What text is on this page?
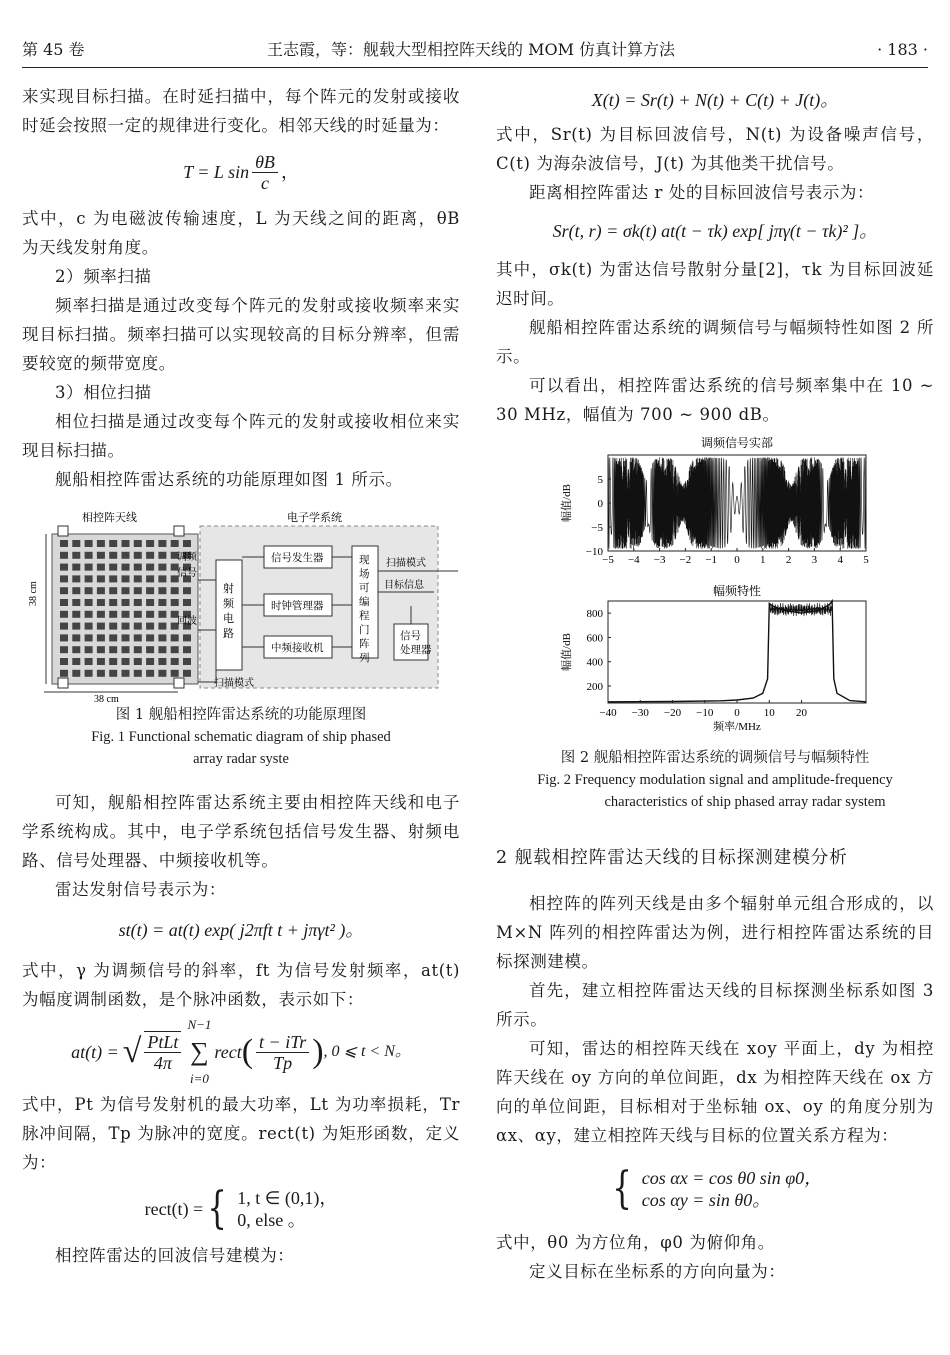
第 45 卷	王志霞，等：舰载大型相控阵天线的 MOM 仿真计算方法	· 183 ·

来实现目标扫描。在时延扫描中，每个阵元的发射或接收时延会按照一定的规律进行变化。相邻天线的时延量为：

T = L $\sin \frac{\theta B}{c}$ ，

式中，c 为电磁波传输速度，L 为天线之间的距离，θB 为天线发射角度。

2）频率扫描

频率扫描是通过改变每个阵元的发射或接收频率来实现目标扫描。频率扫描可以实现较高的目标分辨率，但需要较宽的频带宽度。

3）相位扫描

相位扫描是通过改变每个阵元的发射或接收相位来实现目标扫描。

舰船相控阵雷达系统的功能原理如图 1 所示。

相控阵天线	电子学系统
38 cm
38 cm
射频电路
信号发生器
时钟管理器
中频接收机
现场可编程门阵列
信号处理器
调频
信号
回波
扫描模式
目标信息
扫描模式

图 1 舰船相控阵雷达系统的功能原理图

Fig. 1 Functional schematic diagram of ship phased

array radar syste

可知，舰船相控阵雷达系统主要由相控阵天线和电子学系统构成。其中，电子学系统包括信号发生器、射频电路、信号处理器、中频接收机等。

雷达发射信号表示为：

st(t) = at(t) exp( j2πft t + jπγt² )。

式中，γ 为调频信号的斜率，ft 为信号发射频率，at(t) 为幅度调制函数，是个脉冲函数，表示如下：

at(t) = √ $\frac{\text{PtLt}}{4\pi}$
N−1
∑
i=0
rect ( $\frac{\text{t − iTr}}{Tp}$ ) , 0 ⩽ t < N。

式中，Pt 为信号发射机的最大功率，Lt 为功率损耗，Tr 脉冲间隔，Tp 为脉冲的宽度。rect(t) 为矩形函数，定义为：

rect(t) = { 1, t ∈ (0,1)，
0, else 。

相控阵雷达的回波信号建模为：

X(t) = Sr(t) + N(t) + C(t) + J(t)。

式中，Sr(t) 为目标回波信号，N(t) 为设备噪声信号，C(t) 为海杂波信号，J(t) 为其他类干扰信号。

距离相控阵雷达 r 处的目标回波信号表示为：

Sr(t, r) = σk(t) at(t − τk) exp[ jπγ(t − τk)² ]。

其中，σk(t) 为雷达信号散射分量[2]，τk 为目标回波延迟时间。

舰船相控阵雷达系统的调频信号与幅频特性如图 2 所示。

可以看出，相控阵雷达系统的信号频率集中在 10 ~ 30 MHz，幅值为 700 ~ 900 dB。

调频信号实部
−5 −4 −3 −2 −1 0 1 2 3 4 5
5
0
−5
−10
幅值/dB
幅频特性
−40 −30 −20 −10 0 10 20
800
600
400
200
频率/MHz
幅值/dB

图 2 舰船相控阵雷达系统的调频信号与幅频特性

Fig. 2 Frequency modulation signal and amplitude-frequency

characteristics of ship phased array radar system

2 舰载相控阵雷达天线的目标探测建模分析

相控阵的阵列天线是由多个辐射单元组合形成的，以 M×N 阵列的相控阵雷达为例，进行相控阵雷达系统的目标探测建模。

首先，建立相控阵雷达天线的目标探测坐标系如图 3 所示。

可知，雷达的相控阵天线在 xoy 平面上，dy 为相控阵天线在 oy 方向的单位间距，dx 为相控阵天线在 ox 方向的单位间距，目标相对于坐标轴 ox、oy 的角度分别为 αx、αy，建立相控阵天线与目标的位置关系方程为：

{ cos αx = cos θ0 sin φ0，
cos αy = sin θ0。

式中，θ0 为方位角，φ0 为俯仰角。

定义目标在坐标系的方向向量为：
